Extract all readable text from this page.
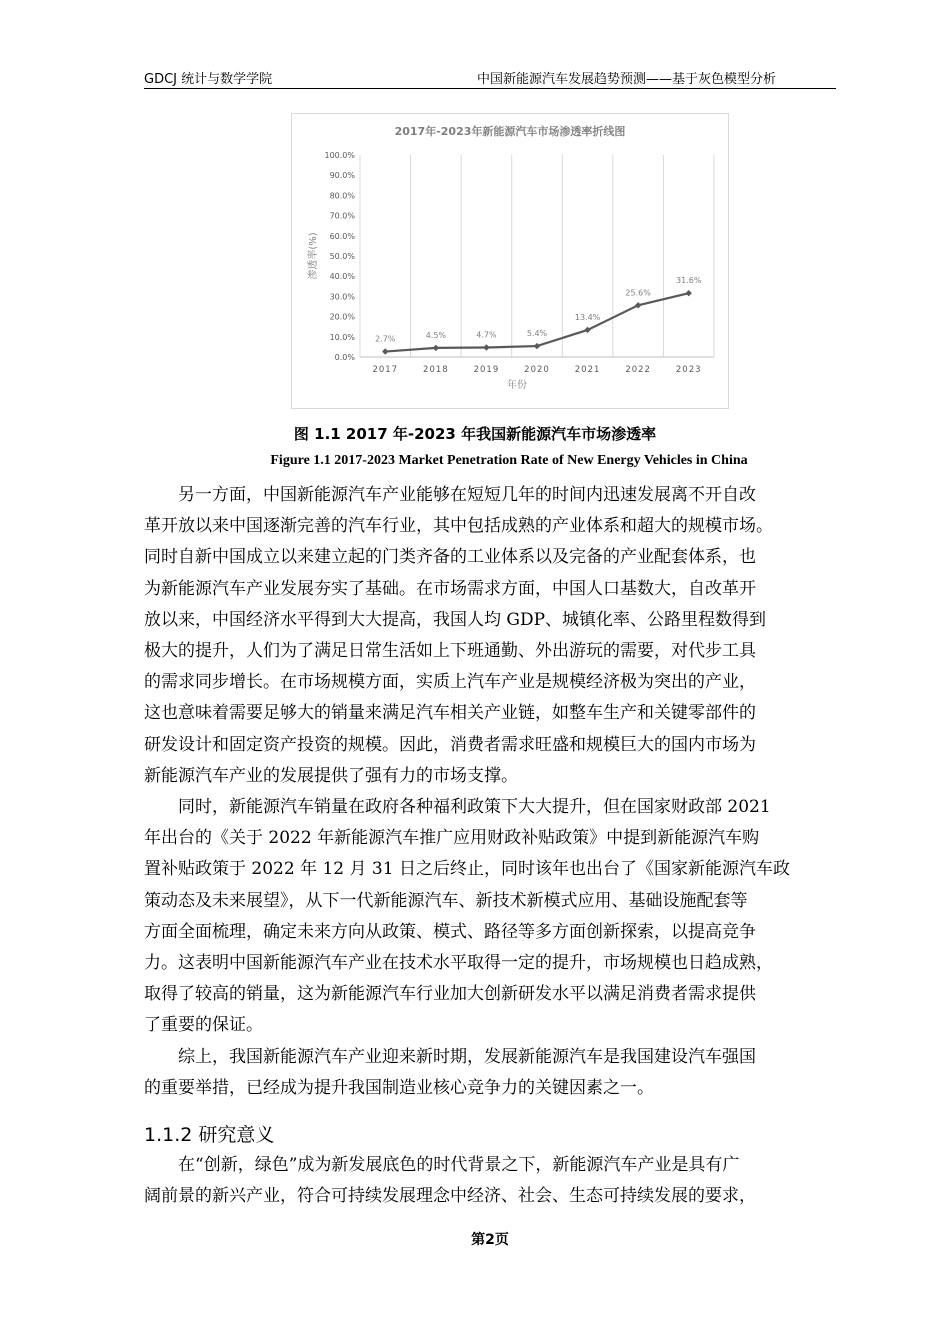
GDCJ 统计与数学学院	中国新能源汽车发展趋势预测——基于灰色模型分析
2017年-2023年新能源汽车市场渗透率折线图
渗透率(%)
年份
0.0%
10.0%
20.0%
30.0%
40.0%
50.0%
60.0%
70.0%
80.0%
90.0%
100.0%
2017	2018	2019	2020	2021	2022	2023
2.7%	4.5%	4.7%	5.4%
13.4%
25.6%
31.6%
图 1.1 2017 年-2023 年我国新能源汽车市场渗透率
Figure 1.1 2017-2023 Market Penetration Rate of New Energy Vehicles in China

另一方面，中国新能源汽车产业能够在短短几年的时间内迅速发展离不开自改
革开放以来中国逐渐完善的汽车行业，其中包括成熟的产业体系和超大的规模市场。
同时自新中国成立以来建立起的门类齐备的工业体系以及完备的产业配套体系，也
为新能源汽车产业发展夯实了基础。在市场需求方面，中国人口基数大，自改革开
放以来，中国经济水平得到大大提高，我国人均 GDP、城镇化率、公路里程数得到
极大的提升，人们为了满足日常生活如上下班通勤、外出游玩的需要，对代步工具
的需求同步增长。在市场规模方面，实质上汽车产业是规模经济极为突出的产业，
这也意味着需要足够大的销量来满足汽车相关产业链，如整车生产和关键零部件的
研发设计和固定资产投资的规模。因此，消费者需求旺盛和规模巨大的国内市场为
新能源汽车产业的发展提供了强有力的市场支撑。

同时，新能源汽车销量在政府各种福利政策下大大提升，但在国家财政部 2021
年出台的《关于 2022 年新能源汽车推广应用财政补贴政策》中提到新能源汽车购
置补贴政策于 2022 年 12 月 31 日之后终止，同时该年也出台了《国家新能源汽车政
策动态及未来展望》，从下一代新能源汽车、新技术新模式应用、基础设施配套等
方面全面梳理，确定未来方向从政策、模式、路径等多方面创新探索，以提高竞争
力。这表明中国新能源汽车产业在技术水平取得一定的提升，市场规模也日趋成熟，
取得了较高的销量，这为新能源汽车行业加大创新研发水平以满足消费者需求提供
了重要的保证。

综上，我国新能源汽车产业迎来新时期，发展新能源汽车是我国建设汽车强国
的重要举措，已经成为提升我国制造业核心竞争力的关键因素之一。

1.1.2 研究意义

在“创新，绿色”成为新发展底色的时代背景之下，新能源汽车产业是具有广
阔前景的新兴产业，符合可持续发展理念中经济、社会、生态可持续发展的要求，

第2页
